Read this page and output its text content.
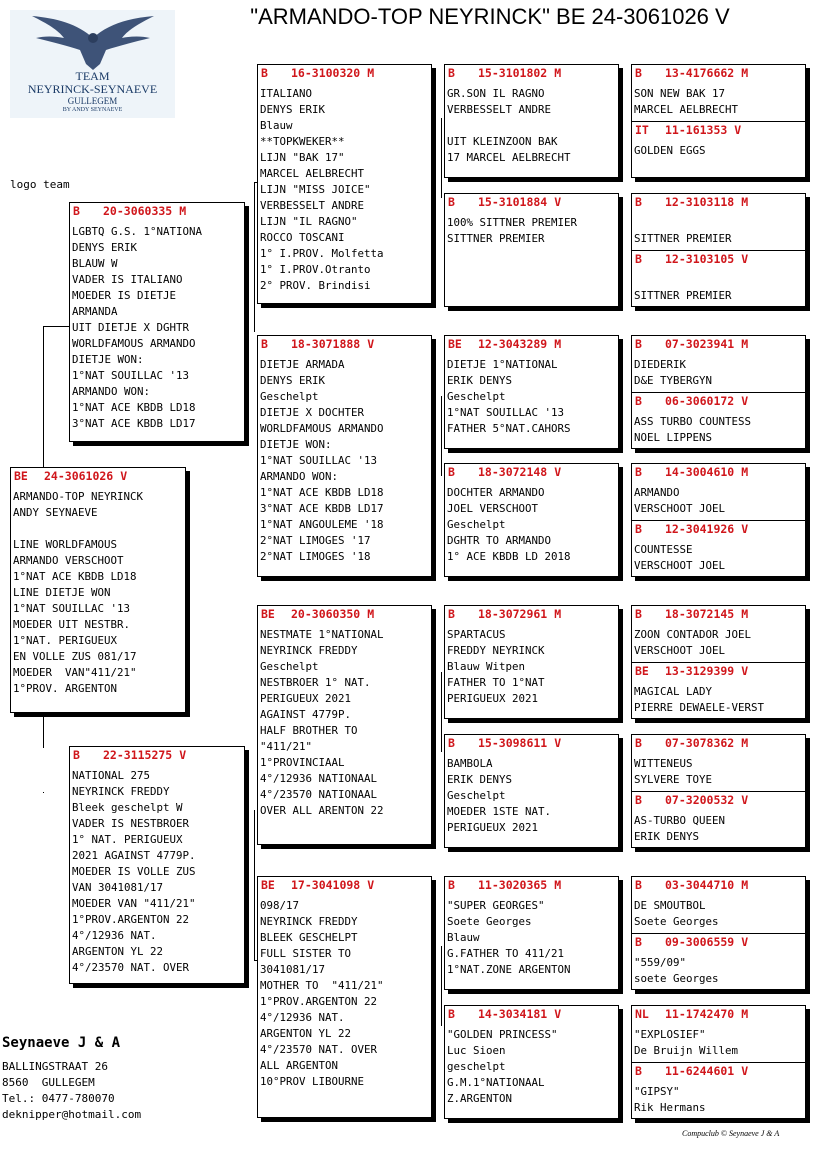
"ARMANDO-TOP NEYRINCK" BE 24-3061026 V
TEAM
NEYRINCK-SEYNAEVE
GULLEGEM
BY ANDY SEYNAEVE
logo team
BE 24-3061026 V
ARMANDO-TOP NEYRINCK
ANDY SEYNAEVE
LINE WORLDFAMOUS
ARMANDO VERSCHOOT
1°NAT ACE KBDB LD18
LINE DIETJE WON
1°NAT SOUILLAC '13
MOEDER UIT NESTBR.
1°NAT. PERIGUEUX
EN VOLLE ZUS 081/17
MOEDER  VAN"411/21"
1°PROV. ARGENTON
B 20-3060335 M
LGBTQ G.S. 1°NATIONA
DENYS ERIK
BLAUW W
VADER IS ITALIANO
MOEDER IS DIETJE
ARMANDA
UIT DIETJE X DGHTR
WORLDFAMOUS ARMANDO
DIETJE WON:
1°NAT SOUILLAC '13
ARMANDO WON:
1°NAT ACE KBDB LD18
3°NAT ACE KBDB LD17
B 22-3115275 V
NATIONAL 275
NEYRINCK FREDDY
Bleek geschelpt W
VADER IS NESTBROER
1° NAT. PERIGUEUX
2021 AGAINST 4779P.
MOEDER IS VOLLE ZUS
VAN 3041081/17
MOEDER VAN "411/21"
1°PROV.ARGENTON 22
4°/12936 NAT.
ARGENTON YL 22
4°/23570 NAT. OVER
B 16-3100320 M
ITALIANO
DENYS ERIK
Blauw
**TOPKWEKER**
LIJN "BAK 17"
MARCEL AELBRECHT
LIJN "MISS JOICE"
VERBESSELT ANDRE
LIJN "IL RAGNO"
ROCCO TOSCANI
1° I.PROV. Molfetta
1° I.PROV.Otranto
2° PROV. Brindisi
B 18-3071888 V
DIETJE ARMADA
DENYS ERIK
Geschelpt
DIETJE X DOCHTER
WORLDFAMOUS ARMANDO
DIETJE WON:
1°NAT SOUILLAC '13
ARMANDO WON:
1°NAT ACE KBDB LD18
3°NAT ACE KBDB LD17
1°NAT ANGOULEME '18
2°NAT LIMOGES '17
2°NAT LIMOGES '18
BE 20-3060350 M
NESTMATE 1°NATIONAL
NEYRINCK FREDDY
Geschelpt
NESTBROER 1° NAT.
PERIGUEUX 2021
AGAINST 4779P.
HALF BROTHER TO
"411/21"
1°PROVINCIAAL
4°/12936 NATIONAAL
4°/23570 NATIONAAL
OVER ALL ARENTON 22
BE 17-3041098 V
098/17
NEYRINCK FREDDY
BLEEK GESCHELPT
FULL SISTER TO
3041081/17
MOTHER TO  "411/21"
1°PROV.ARGENTON 22
4°/12936 NAT.
ARGENTON YL 22
4°/23570 NAT. OVER
ALL ARGENTON
10°PROV LIBOURNE
B 15-3101802 M
GR.SON IL RAGNO
VERBESSELT ANDRE
UIT KLEINZOON BAK
17 MARCEL AELBRECHT
B 15-3101884 V
100% SITTNER PREMIER
SITTNER PREMIER
BE 12-3043289 M
DIETJE 1°NATIONAL
ERIK DENYS
Geschelpt
1°NAT SOUILLAC '13
FATHER 5°NAT.CAHORS
B 18-3072148 V
DOCHTER ARMANDO
JOEL VERSCHOOT
Geschelpt
DGHTR TO ARMANDO
1° ACE KBDB LD 2018
B 18-3072961 M
SPARTACUS
FREDDY NEYRINCK
Blauw Witpen
FATHER TO 1°NAT
PERIGUEUX 2021
B 15-3098611 V
BAMBOLA
ERIK DENYS
Geschelpt
MOEDER 1STE NAT.
PERIGUEUX 2021
B 11-3020365 M
"SUPER GEORGES"
Soete Georges
Blauw
G.FATHER TO 411/21
1°NAT.ZONE ARGENTON
B 14-3034181 V
"GOLDEN PRINCESS"
Luc Sioen
geschelpt
G.M.1°NATIONAAL
Z.ARGENTON
B 13-4176662 M
SON NEW BAK 17
MARCEL AELBRECHT
IT 11-161353 V
GOLDEN EGGS
B 12-3103118 M
SITTNER PREMIER
B 12-3103105 V
SITTNER PREMIER
B 07-3023941 M
DIEDERIK
D&E TYBERGYN
B 06-3060172 V
ASS TURBO COUNTESS
NOEL LIPPENS
B 14-3004610 M
ARMANDO
VERSCHOOT JOEL
B 12-3041926 V
COUNTESSE
VERSCHOOT JOEL
B 18-3072145 M
ZOON CONTADOR JOEL
VERSCHOOT JOEL
BE 13-3129399 V
MAGICAL LADY
PIERRE DEWAELE-VERST
B 07-3078362 M
WITTENEUS
SYLVERE TOYE
B 07-3200532 V
AS-TURBO QUEEN
ERIK DENYS
B 03-3044710 M
DE SMOUTBOL
Soete Georges
B 09-3006559 V
"559/09"
soete Georges
NL 11-1742470 M
"EXPLOSIEF"
De Bruijn Willem
B 11-6244601 V
"GIPSY"
Rik Hermans
Seynaeve J & A
BALLINGSTRAAT 26
8560  GULLEGEM
Tel.: 0477-780070
deknipper@hotmail.com
Compuclub © Seynaeve J & A
